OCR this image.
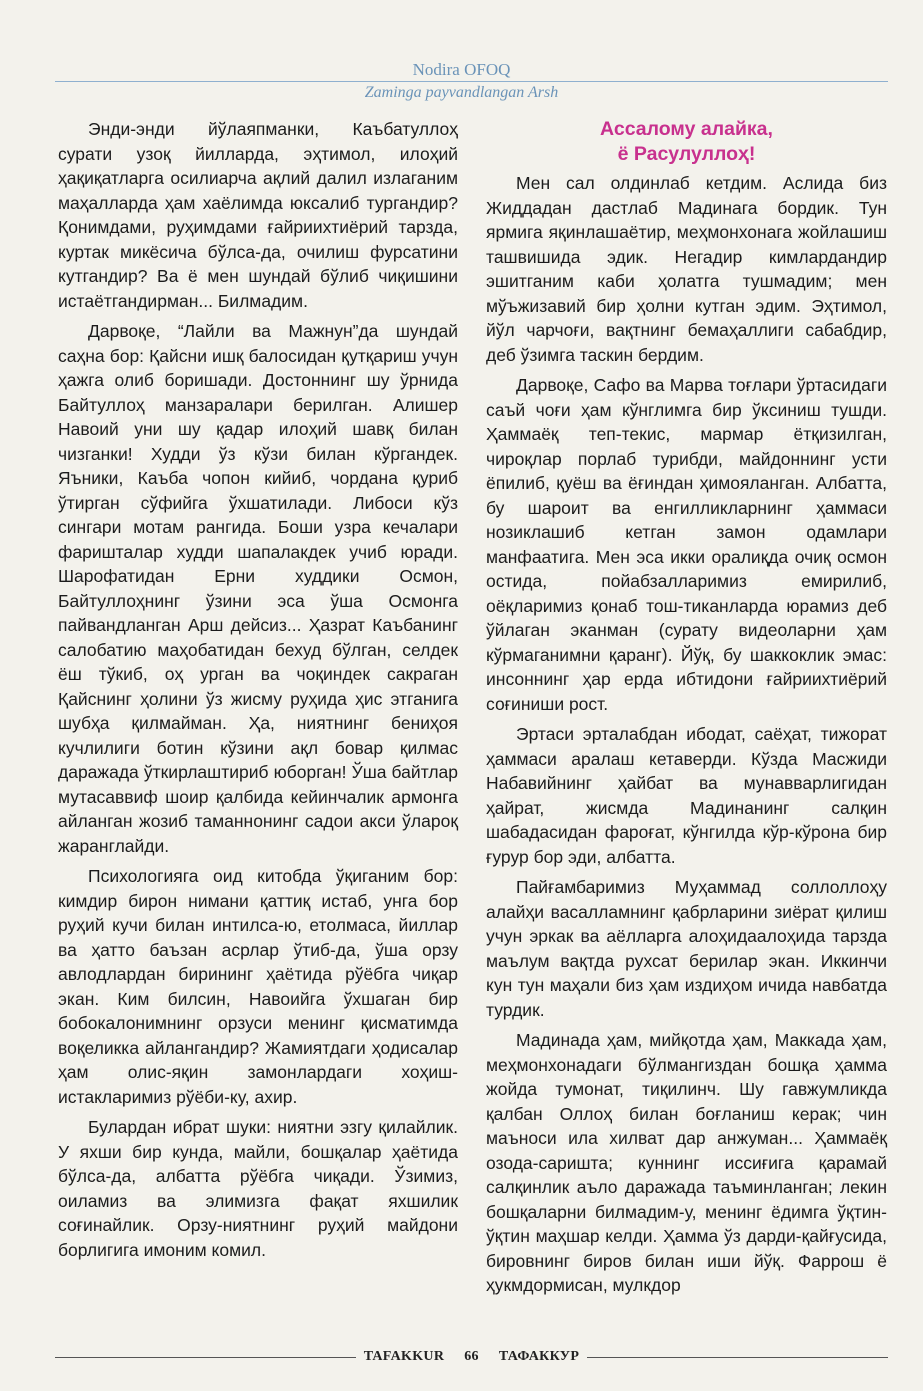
Nodira OFOQ
Zaminga payvandlangan Arsh

Энди-энди йўлаяпманки, Каъбатуллоҳ сурати узоқ йилларда, эҳтимол, илоҳий ҳақиқатларга осилиарча ақлий далил излаганим маҳалларда ҳам хаёлимда юксалиб тургандир? Қонимдами, руҳимдами ғайриихтиёрий тарзда, куртак микёсича бўлса-да, очилиш фурсатини кутгандир? Ва ё мен шундай бўлиб чиқишини истаётгандирман... Билмадим.

Дарвоқе, “Лайли ва Мажнун”да шундай саҳна бор: Қайсни ишқ балосидан қутқариш учун ҳажга олиб боришади. Достоннинг шу ўрнида Байтуллоҳ манзаралари берилган. Алишер Навоий уни шу қадар илоҳий шавқ билан чизганки! Худди ўз кўзи билан кўргандек. Яъники, Каъба чопон кийиб, чордана қуриб ўтирган сўфийга ўхшатилади. Либоси кўз сингари мотам рангида. Боши узра кечалари фаришталар худди шапалакдек учиб юради. Шарофатидан Ерни худдики Осмон, Байтуллоҳнинг ўзини эса ўша Осмонга пайвандланган Арш дейсиз... Ҳазрат Каъбанинг салобатию маҳобатидан бехуд бўлган, селдек ёш тўкиб, оҳ урган ва чоқиндек сакраган Қайснинг ҳолини ўз жисму руҳида ҳис этганига шубҳа қилмайман. Ҳа, ниятнинг бениҳоя кучлилиги ботин кўзини ақл бовар қилмас даражада ўткирлаштириб юборган! Ўша байтлар мутасаввиф шоир қалбида кейинчалик армонга айланган жозиб таманнонинг садои акси ўлароқ жаранглайди.

Психологияга оид китобда ўқиганим бор: кимдир бирон нимани қаттиқ истаб, унга бор руҳий кучи билан интилса-ю, етолмаса, йиллар ва ҳатто баъзан асрлар ўтиб-да, ўша орзу авлодлардан бирининг ҳаётида рўёбга чиқар экан. Ким билсин, Навоийга ўхшаган бир бобокалонимнинг орзуси менинг қисматимда воқеликка айлангандир? Жамиятдаги ҳодисалар ҳам олис-яқин замонлардаги хоҳиш-истакларимиз рўёби-ку, ахир.

Булардан ибрат шуки: ниятни эзгу қилайлик. У яхши бир кунда, майли, бошқалар ҳаётида бўлса-да, албатта рўёбга чиқади. Ўзимиз, оиламиз ва элимизга фақат яхшилик соғинайлик. Орзу-ниятнинг руҳий майдони борлигига имоним комил.

Ассалому алайка,
ё Расулуллоҳ!

Мен сал олдинлаб кетдим. Аслида биз Жиддадан дастлаб Мадинага бордик. Тун ярмига яқинлашаётир, меҳмонхонага жойлашиш ташвишида эдик. Негадир кимлардандир эшитганим каби ҳолатга тушмадим; мен мўъжизавий бир ҳолни кутган эдим. Эҳтимол, йўл чарчоғи, вақтнинг бемаҳаллиги сабабдир, деб ўзимга таскин бердим.

Дарвоқе, Сафо ва Марва тоғлари ўртасидаги саъй чоғи ҳам кўнглимга бир ўксиниш тушди. Ҳаммаёқ теп-текис, мармар ётқизилган, чироқлар порлаб турибди, майдоннинг усти ёпилиб, қуёш ва ёғиндан ҳимояланган. Албатта, бу шароит ва енгилликларнинг ҳаммаси нозиклашиб кетган замон одамлари манфаатига. Мен эса икки оралиқда очиқ осмон остида, пойабзалларимиз емирилиб, оёқларимиз қонаб тош-тиканларда юрамиз деб ўйлаган эканман (сурату видеоларни ҳам кўрмаганимни қаранг). Йўқ, бу шаккоклик эмас: инсоннинг ҳар ерда ибтидони ғайриихтиёрий соғиниши рост.

Эртаси эрталабдан ибодат, саёҳат, тижорат ҳаммаси аралаш кетаверди. Кўзда Масжиди Набавийнинг ҳайбат ва мунавварлигидан ҳайрат, жисмда Мадинанинг салқин шабадасидан фароғат, кўнгилда кўр-кўрона бир ғурур бор эди, албатта.

Пайғамбаримиз Муҳаммад соллоллоҳу алайҳи васалламнинг қабрларини зиёрат қилиш учун эркак ва аёлларга алоҳидаалоҳида тарзда маълум вақтда рухсат берилар экан. Иккинчи кун тун маҳали биз ҳам издиҳом ичида навбатда турдик.

Мадинада ҳам, мийқотда ҳам, Маккада ҳам, меҳмонхонадаги бўлмангиздан бошқа ҳамма жойда тумонат, тиқилинч. Шу гавжумликда қалбан Оллоҳ билан боғланиш керак; чин маъноси ила хилват дар анжуман... Ҳаммаёқ озода-саришта; куннинг иссиғига қарамай салқинлик аъло даражада таъминланган; лекин бошқаларни билмадим-у, менинг ёдимга ўқтин-ўқтин маҳшар келди. Ҳамма ўз дарди-қайғусида, бировнинг биров билан иши йўқ. Фаррош ё ҳукмдормисан, мулкдор

TAFAKKUR	66	ТАФАККУР
